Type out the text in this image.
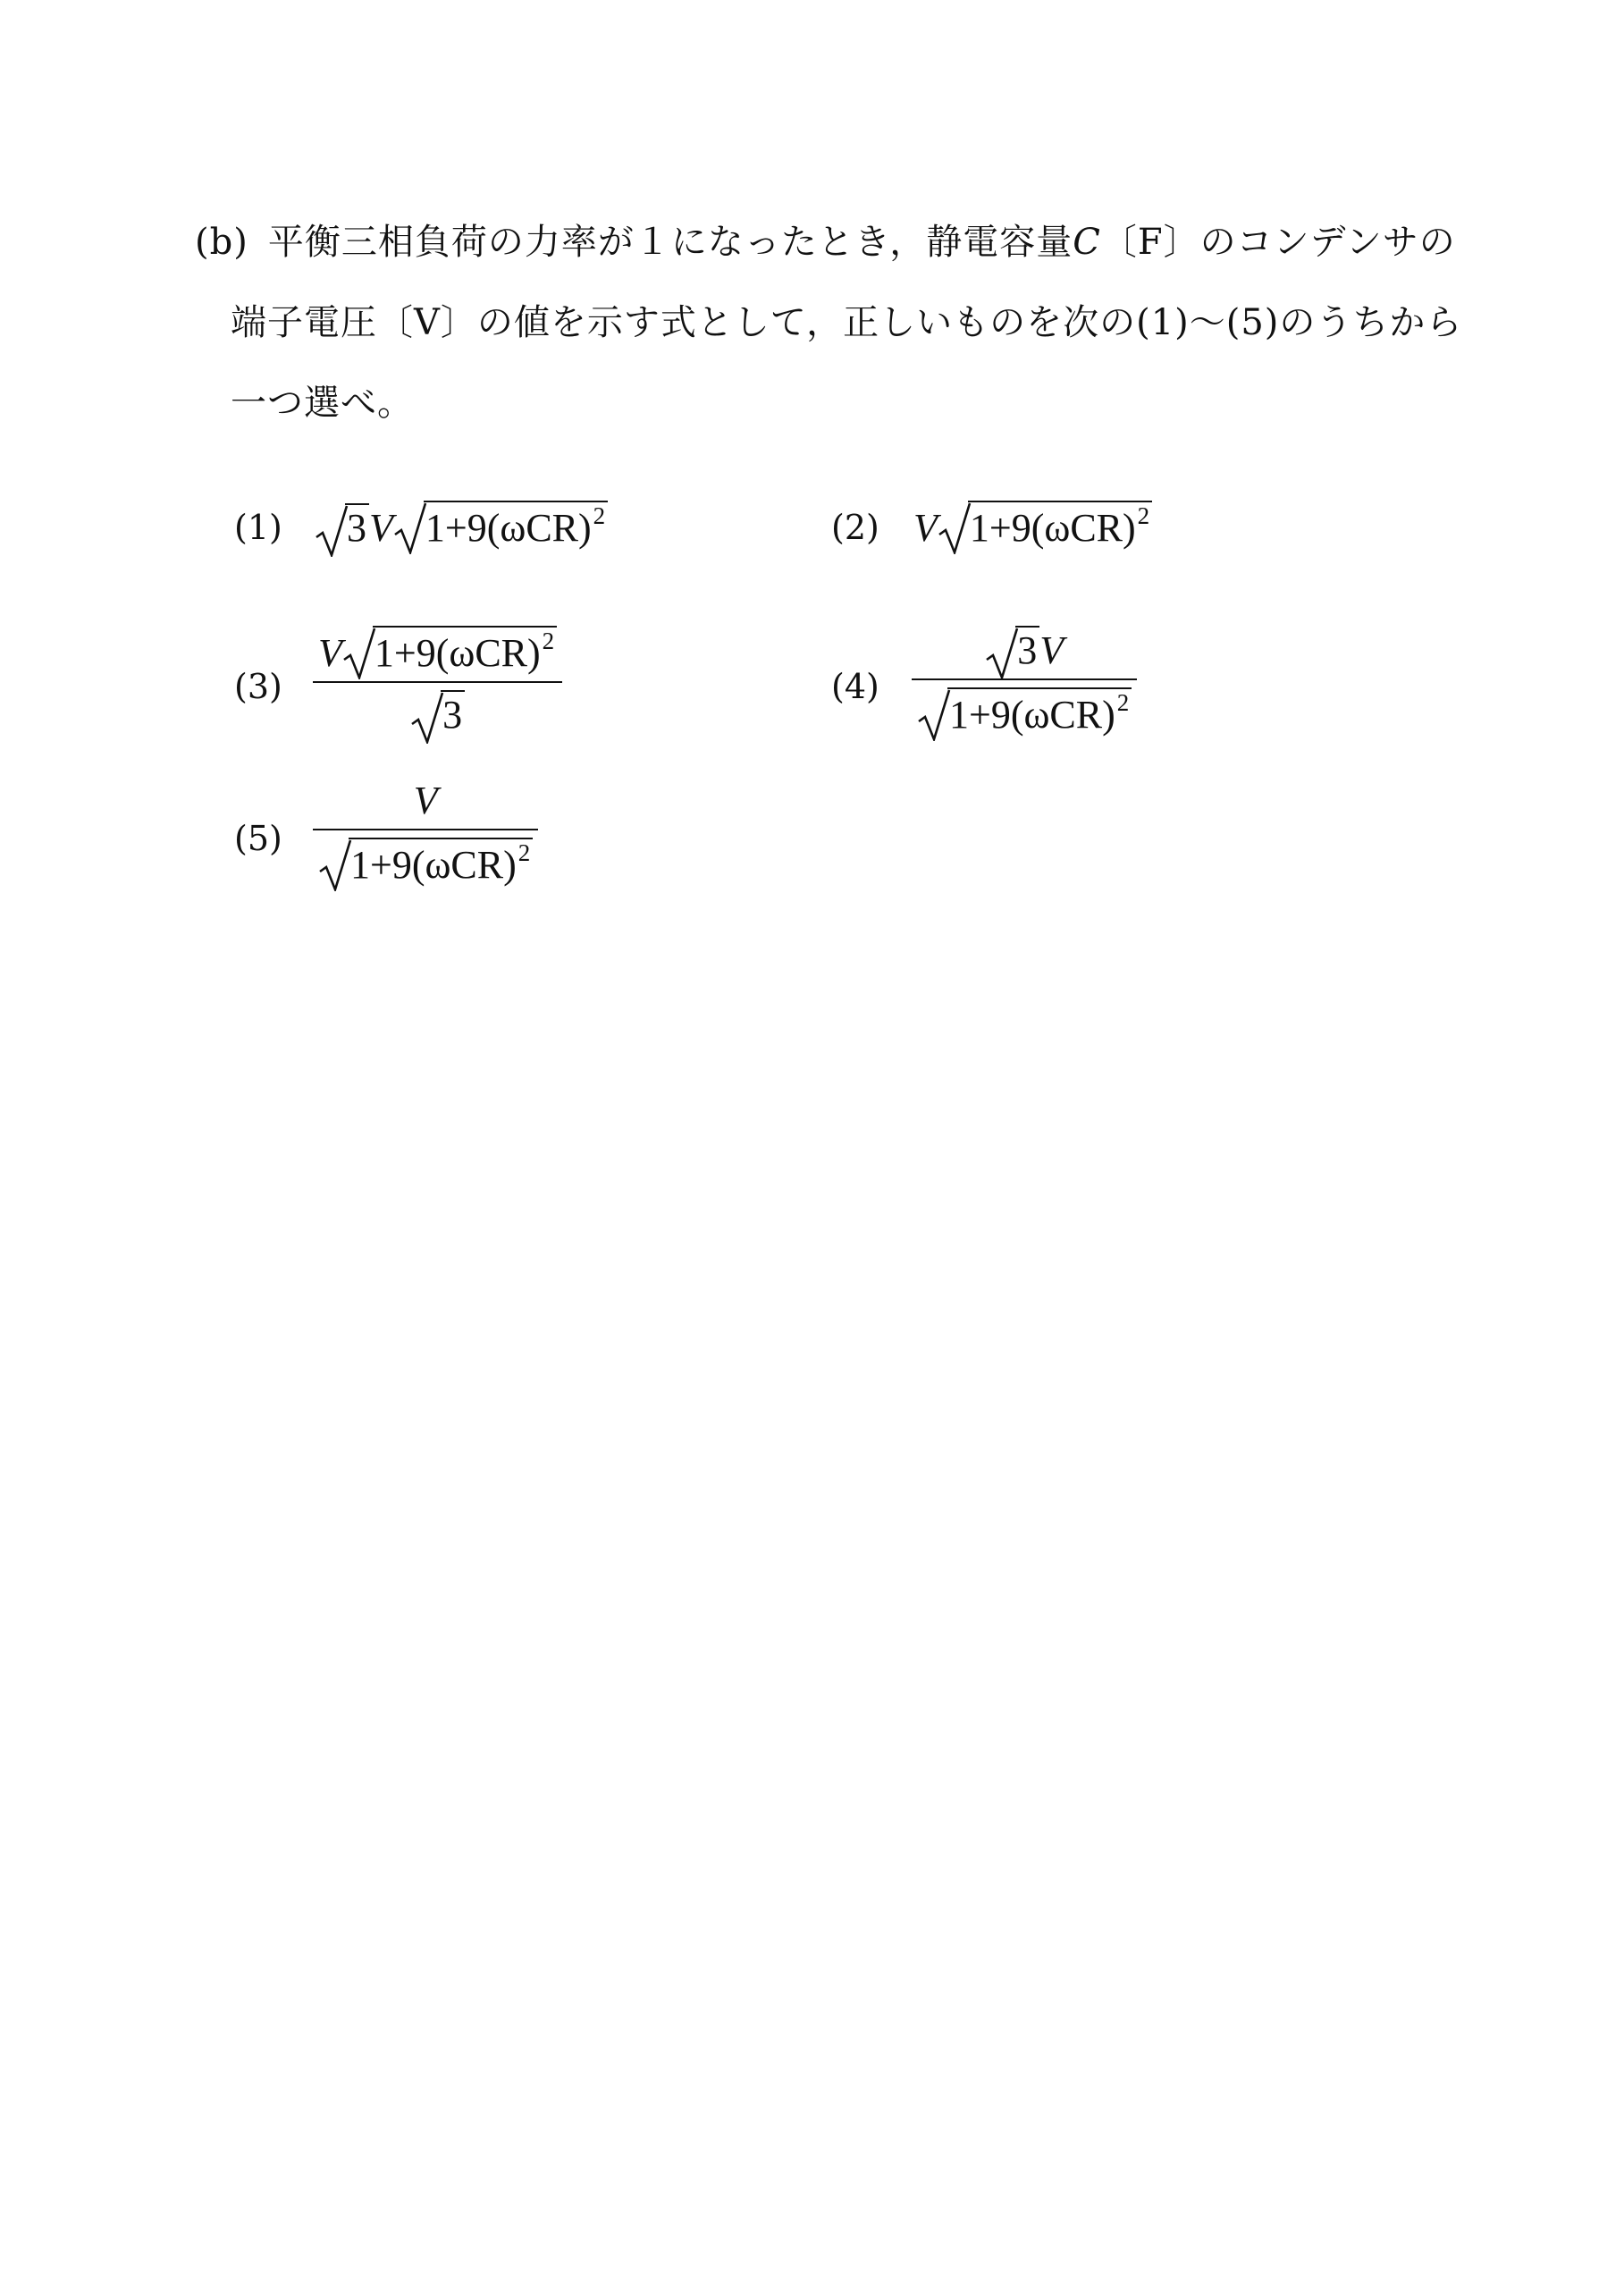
(b) 平衡三相負荷の力率が１になったとき，静電容量C〔F〕のコンデンサの
端子電圧〔V〕の値を示す式として，正しいものを次の(1)～(5)のうちから
一つ選べ。
(1)	3V $1+9(\omega CR)^2$	(2) V $1+9(\omega CR)^2$
$(3) \frac{V 1+9(\omega CR)^2}{3}$	$(4) \frac{3V}{1+9(\omega CR)^2}$
$(5) \frac{V}{1+9(\omega CR)^2}$
